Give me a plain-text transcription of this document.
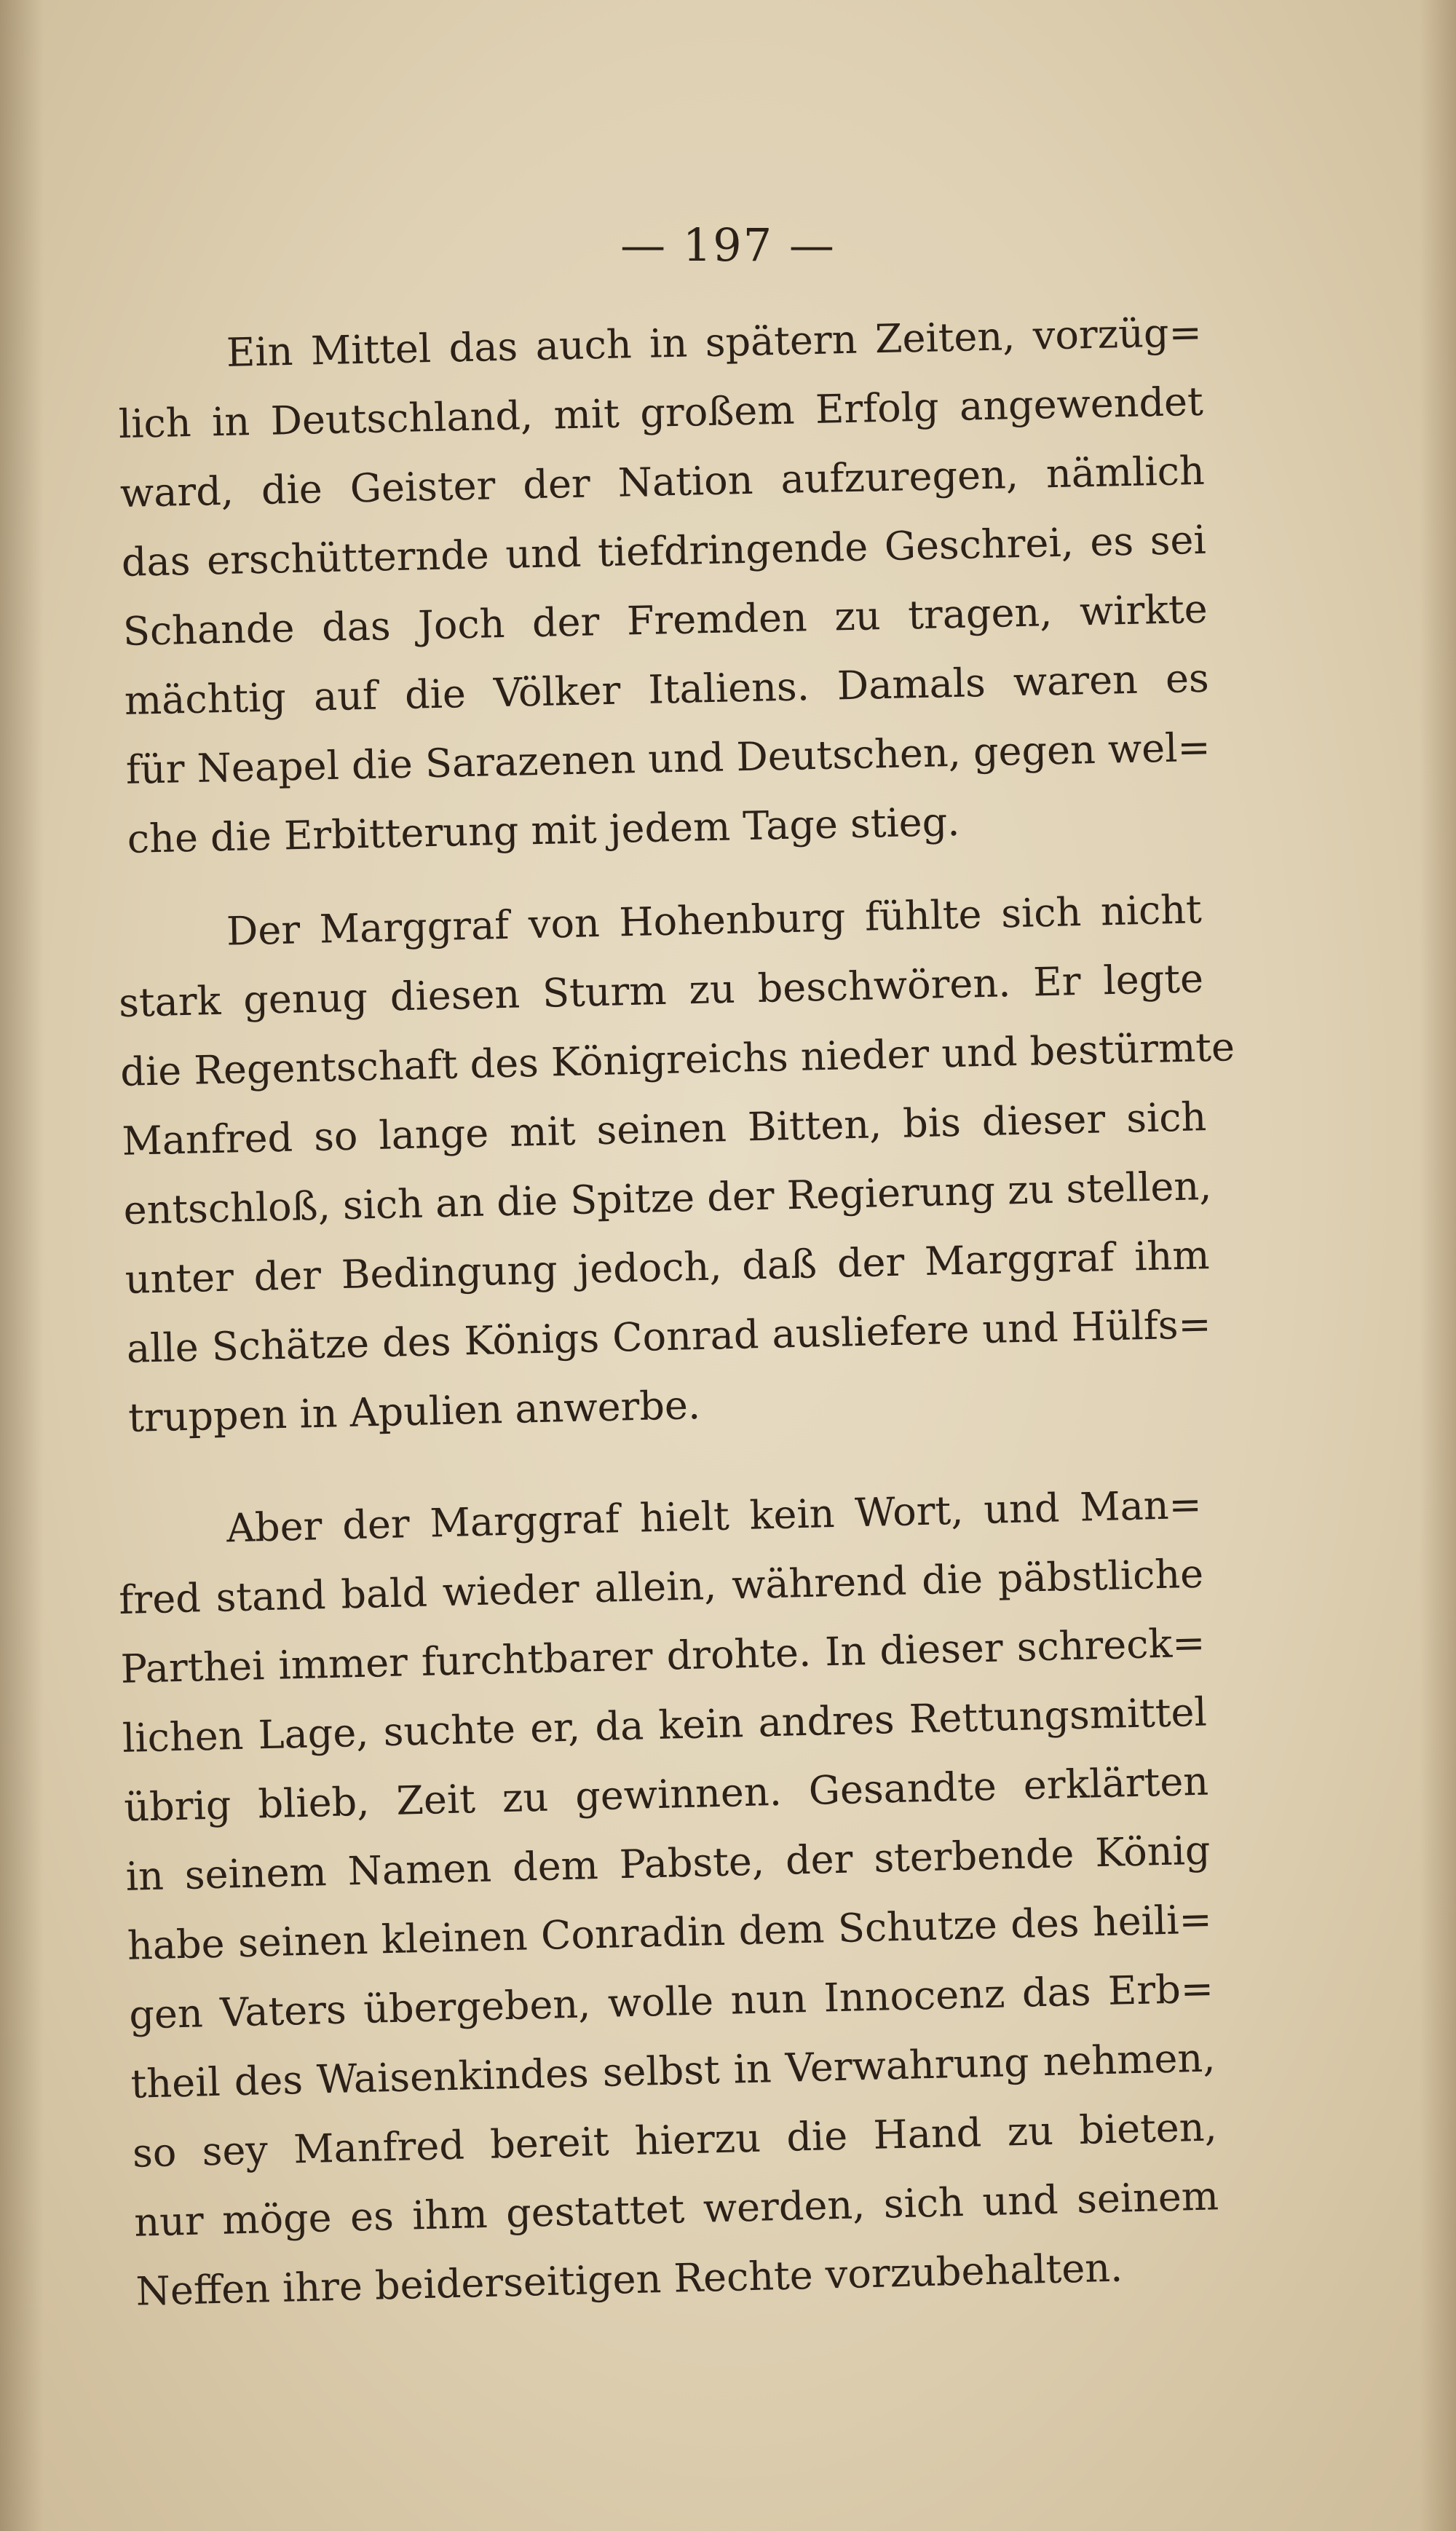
— 197 —
Ein Mittel das auch in spätern Zeiten, vorzüg=
lich in Deutschland, mit großem Erfolg angewendet
ward, die Geister der Nation aufzuregen, nämlich
das erschütternde und tiefdringende Geschrei, es sei
Schande das Joch der Fremden zu tragen, wirkte
mächtig auf die Völker Italiens. Damals waren es
für Neapel die Sarazenen und Deutschen, gegen wel=
che die Erbitterung mit jedem Tage stieg.
Der Marggraf von Hohenburg fühlte sich nicht
stark genug diesen Sturm zu beschwören. Er legte
die Regentschaft des Königreichs nieder und bestürmte
Manfred so lange mit seinen Bitten, bis dieser sich
entschloß, sich an die Spitze der Regierung zu stellen,
unter der Bedingung jedoch, daß der Marggraf ihm
alle Schätze des Königs Conrad ausliefere und Hülfs=
truppen in Apulien anwerbe.
Aber der Marggraf hielt kein Wort, und Man=
fred stand bald wieder allein, während die päbstliche
Parthei immer furchtbarer drohte. In dieser schreck=
lichen Lage, suchte er, da kein andres Rettungsmittel
übrig blieb, Zeit zu gewinnen. Gesandte erklärten
in seinem Namen dem Pabste, der sterbende König
habe seinen kleinen Conradin dem Schutze des heili=
gen Vaters übergeben, wolle nun Innocenz das Erb=
theil des Waisenkindes selbst in Verwahrung nehmen,
so sey Manfred bereit hierzu die Hand zu bieten,
nur möge es ihm gestattet werden, sich und seinem
Neffen ihre beiderseitigen Rechte vorzubehalten.
